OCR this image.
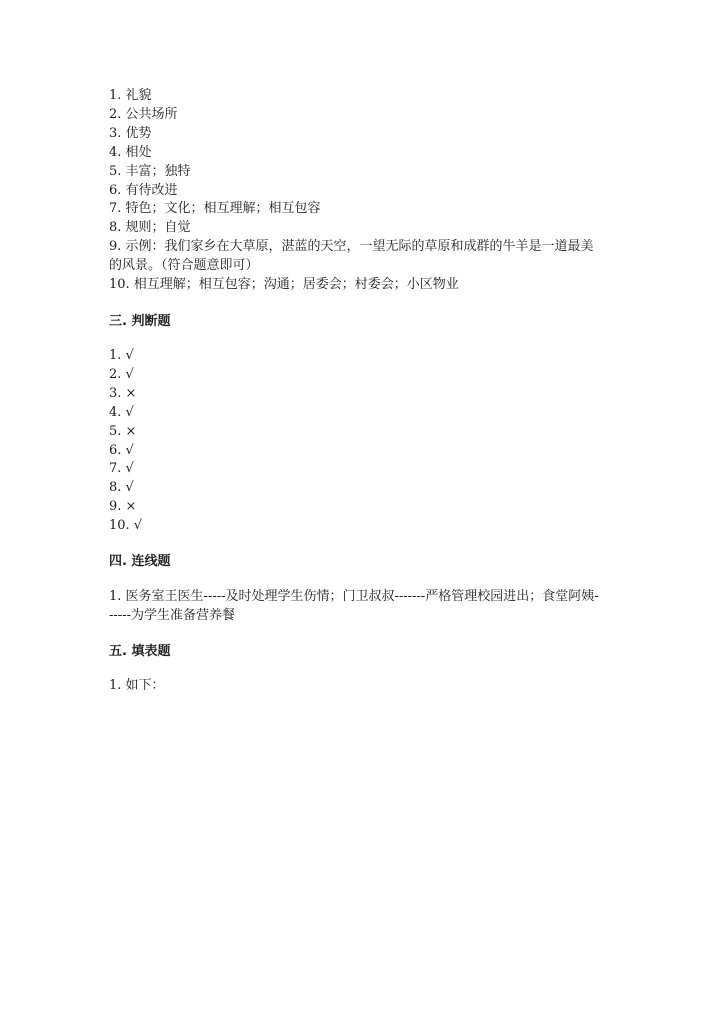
1. 礼貌
2. 公共场所
3. 优势
4. 相处
5. 丰富；独特
6. 有待改进
7. 特色；文化；相互理解；相互包容
8. 规则；自觉
9. 示例：我们家乡在大草原，湛蓝的天空，一望无际的草原和成群的牛羊是一道最美的风景。（符合题意即可）
10. 相互理解；相互包容；沟通；居委会；村委会；小区物业
三. 判断题
1. √
2. √
3. ×
4. √
5. ×
6. √
7. √
8. √
9. ×
10. √
四. 连线题
1. 医务室王医生-----及时处理学生伤情；门卫叔叔-------严格管理校园进出；食堂阿姨------为学生准备营养餐
五. 填表题
1. 如下：
